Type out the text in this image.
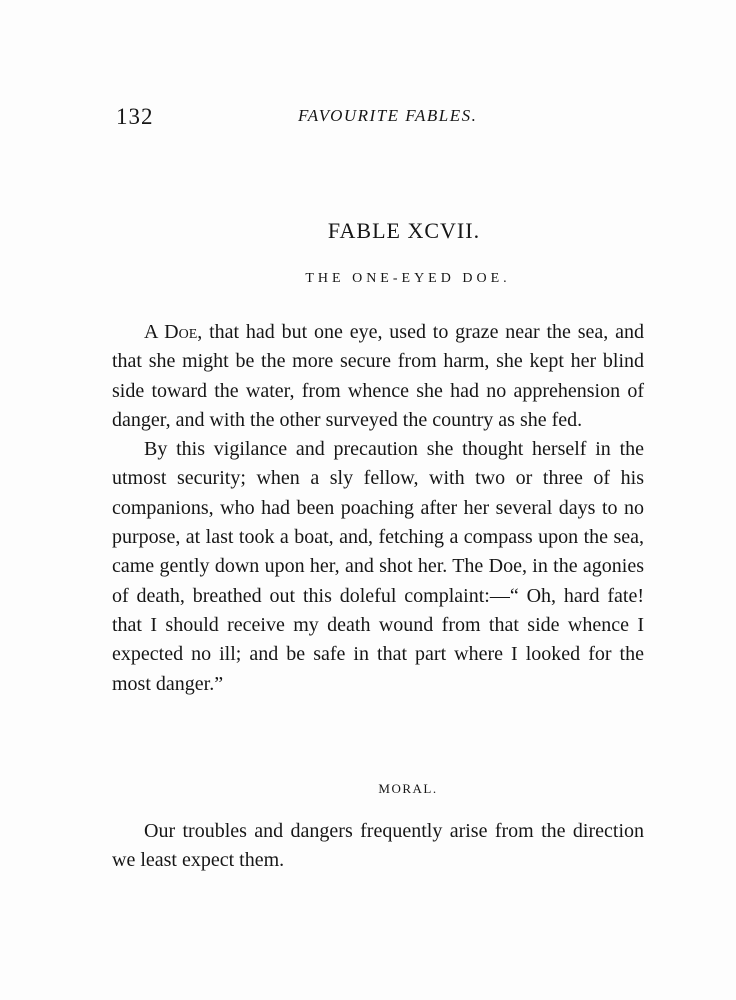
132	FAVOURITE FABLES.
FABLE XCVII.
THE ONE-EYED DOE.

A Doe, that had but one eye, used to graze near the sea, and that she might be the more secure from harm, she kept her blind side toward the water, from whence she had no apprehension of danger, and with the other surveyed the country as she fed.

By this vigilance and precaution she thought herself in the utmost security; when a sly fellow, with two or three of his companions, who had been poaching after her several days to no purpose, at last took a boat, and, fetching a compass upon the sea, came gently down upon her, and shot her. The Doe, in the agonies of death, breathed out this doleful complaint:—“ Oh, hard fate! that I should receive my death wound from that side whence I expected no ill; and be safe in that part where I looked for the most danger.”

MORAL.

Our troubles and dangers frequently arise from the direction we least expect them.
